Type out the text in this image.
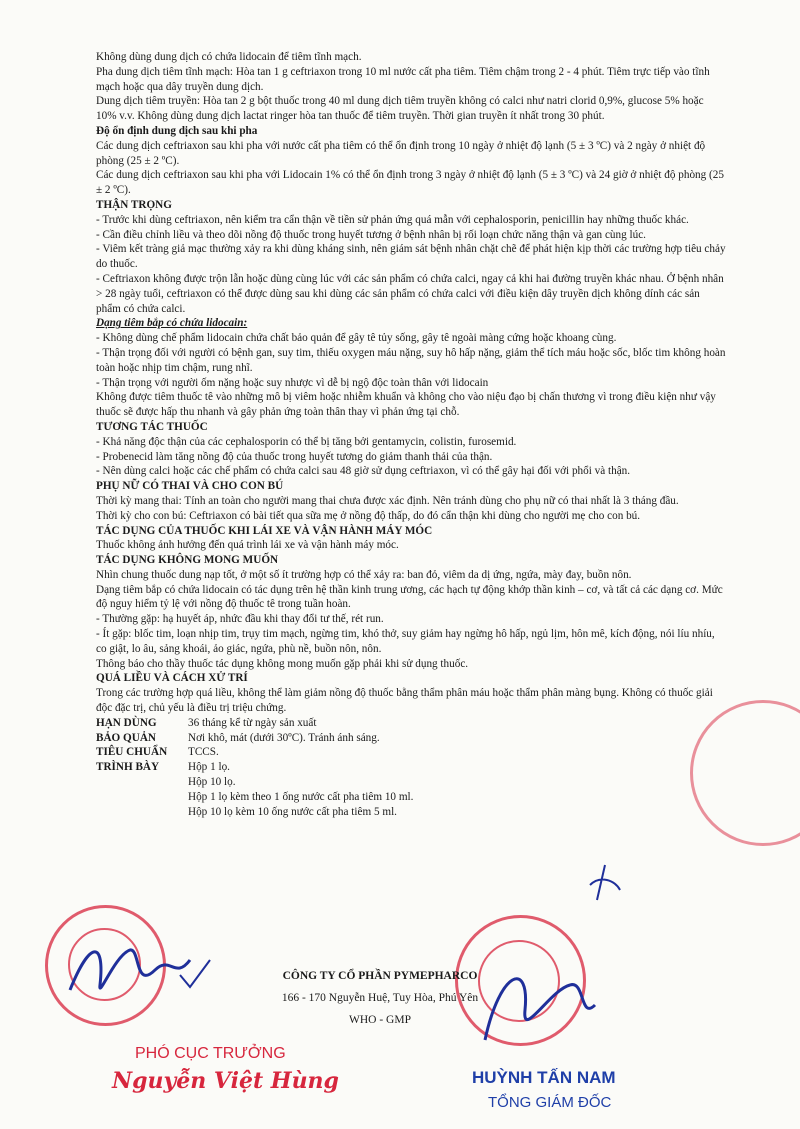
Không dùng dung dịch có chứa lidocain để tiêm tĩnh mạch.

Pha dung dịch tiêm tĩnh mạch: Hòa tan 1 g ceftriaxon trong 10 ml nước cất pha tiêm. Tiêm chậm trong 2 - 4 phút. Tiêm trực tiếp vào tĩnh mạch hoặc qua dây truyền dung dịch.

Dung dịch tiêm truyền: Hòa tan 2 g bột thuốc trong 40 ml dung dịch tiêm truyền không có calci như natri clorid 0,9%, glucose 5% hoặc 10% v.v. Không dùng dung dịch lactat ringer hòa tan thuốc để tiêm truyền. Thời gian truyền ít nhất trong 30 phút.

Độ ổn định dung dịch sau khi pha

Các dung dịch ceftriaxon sau khi pha với nước cất pha tiêm có thể ổn định trong 10 ngày ở nhiệt độ lạnh (5 ± 3 ºC) và 2 ngày ở nhiệt độ phòng (25 ± 2 ºC).

Các dung dịch ceftriaxon sau khi pha với Lidocain 1% có thể ổn định trong 3 ngày ở nhiệt độ lạnh (5 ± 3 ºC) và 24 giờ ở nhiệt độ phòng (25 ± 2 ºC).

THẬN TRỌNG

- Trước khi dùng ceftriaxon, nên kiểm tra cẩn thận về tiền sử phản ứng quá mẫn với cephalosporin, penicillin hay những thuốc khác.

- Cần điều chỉnh liều và theo dõi nồng độ thuốc trong huyết tương ở bệnh nhân bị rối loạn chức năng thận và gan cùng lúc.

- Viêm kết tràng giả mạc thường xảy ra khi dùng kháng sinh, nên giám sát bệnh nhân chặt chẽ để phát hiện kịp thời các trường hợp tiêu chảy do thuốc.

- Ceftriaxon không được trộn lẫn hoặc dùng cùng lúc với các sản phẩm có chứa calci, ngay cả khi hai đường truyền khác nhau. Ở bệnh nhân > 28 ngày tuổi, ceftriaxon có thể được dùng sau khi dùng các sản phẩm có chứa calci với điều kiện dây truyền dịch không dính các sản phẩm có chứa calci.

Dạng tiêm bắp có chứa lidocain:

- Không dùng chế phẩm lidocain chứa chất bảo quản để gây tê tủy sống, gây tê ngoài màng cứng hoặc khoang cùng.

- Thận trọng đối với người có bệnh gan, suy tim, thiếu oxygen máu nặng, suy hô hấp nặng, giảm thể tích máu hoặc sốc, blốc tim không hoàn toàn hoặc nhịp tim chậm, rung nhĩ.

- Thận trọng với người ốm nặng hoặc suy nhược vì dễ bị ngộ độc toàn thân với lidocain

Không được tiêm thuốc tê vào những mô bị viêm hoặc nhiễm khuẩn và không cho vào niệu đạo bị chấn thương vì trong điều kiện như vậy thuốc sẽ được hấp thu nhanh và gây phản ứng toàn thân thay vì phản ứng tại chỗ.

TƯƠNG TÁC THUỐC

- Khả năng độc thận của các cephalosporin có thể bị tăng bởi gentamycin, colistin, furosemid.

- Probenecid làm tăng nồng độ của thuốc trong huyết tương do giảm thanh thải của thận.

- Nên dùng calci hoặc các chế phẩm có chứa calci sau 48 giờ sử dụng ceftriaxon, vì có thể gây hại đối với phổi và thận.

PHỤ NỮ CÓ THAI VÀ CHO CON BÚ

Thời kỳ mang thai: Tính an toàn cho người mang thai chưa được xác định. Nên tránh dùng cho phụ nữ có thai nhất là 3 tháng đầu.

Thời kỳ cho con bú: Ceftriaxon có bài tiết qua sữa mẹ ở nồng độ thấp, do đó cẩn thận khi dùng cho người mẹ cho con bú.

TÁC DỤNG CỦA THUỐC KHI LÁI XE VÀ VẬN HÀNH MÁY MÓC

Thuốc không ảnh hưởng đến quá trình lái xe và vận hành máy móc.

TÁC DỤNG KHÔNG MONG MUỐN

Nhìn chung thuốc dung nạp tốt, ở một số ít trường hợp có thể xảy ra: ban đỏ, viêm da dị ứng, ngứa, mày đay, buồn nôn.

Dạng tiêm bắp có chứa lidocain có tác dụng trên hệ thần kinh trung ương, các hạch tự động khớp thần kinh – cơ, và tất cả các dạng cơ. Mức độ nguy hiểm tỷ lệ với nồng độ thuốc tê trong tuần hoàn.

- Thường gặp: hạ huyết áp, nhức đầu khi thay đổi tư thế, rét run.

- Ít gặp: blốc tim, loạn nhịp tim, trụy tim mạch, ngừng tim, khó thở, suy giảm hay ngừng hô hấp, ngủ lịm, hôn mê, kích động, nói líu nhíu, co giật, lo âu, sảng khoái, ảo giác, ngứa, phù nề, buồn nôn, nôn.

Thông báo cho thầy thuốc tác dụng không mong muốn gặp phải khi sử dụng thuốc.

QUÁ LIỀU VÀ CÁCH XỬ TRÍ

Trong các trường hợp quá liều, không thể làm giảm nồng độ thuốc bằng thẩm phân máu hoặc thẩm phân màng bụng. Không có thuốc giải độc đặc trị, chủ yếu là điều trị triệu chứng.

HẠN DÙNG	36 tháng kể từ ngày sản xuất
BẢO QUẢN	Nơi khô, mát (dưới 30ºC). Tránh ánh sáng.
TIÊU CHUẨN	TCCS.
TRÌNH BÀY	Hộp 1 lọ.

Hộp 10 lọ.

Hộp 1 lọ kèm theo 1 ống nước cất pha tiêm 10 ml.

Hộp 10 lọ kèm 10 ống nước cất pha tiêm 5 ml.

CÔNG TY CỔ PHẦN PYMEPHARCO
166 - 170 Nguyễn Huệ, Tuy Hòa, Phú Yên
WHO - GMP
PHÓ CỤC TRƯỞNG
Nguyễn Việt Hùng	HUỲNH TẤN NAM
TỔNG GIÁM ĐỐC
